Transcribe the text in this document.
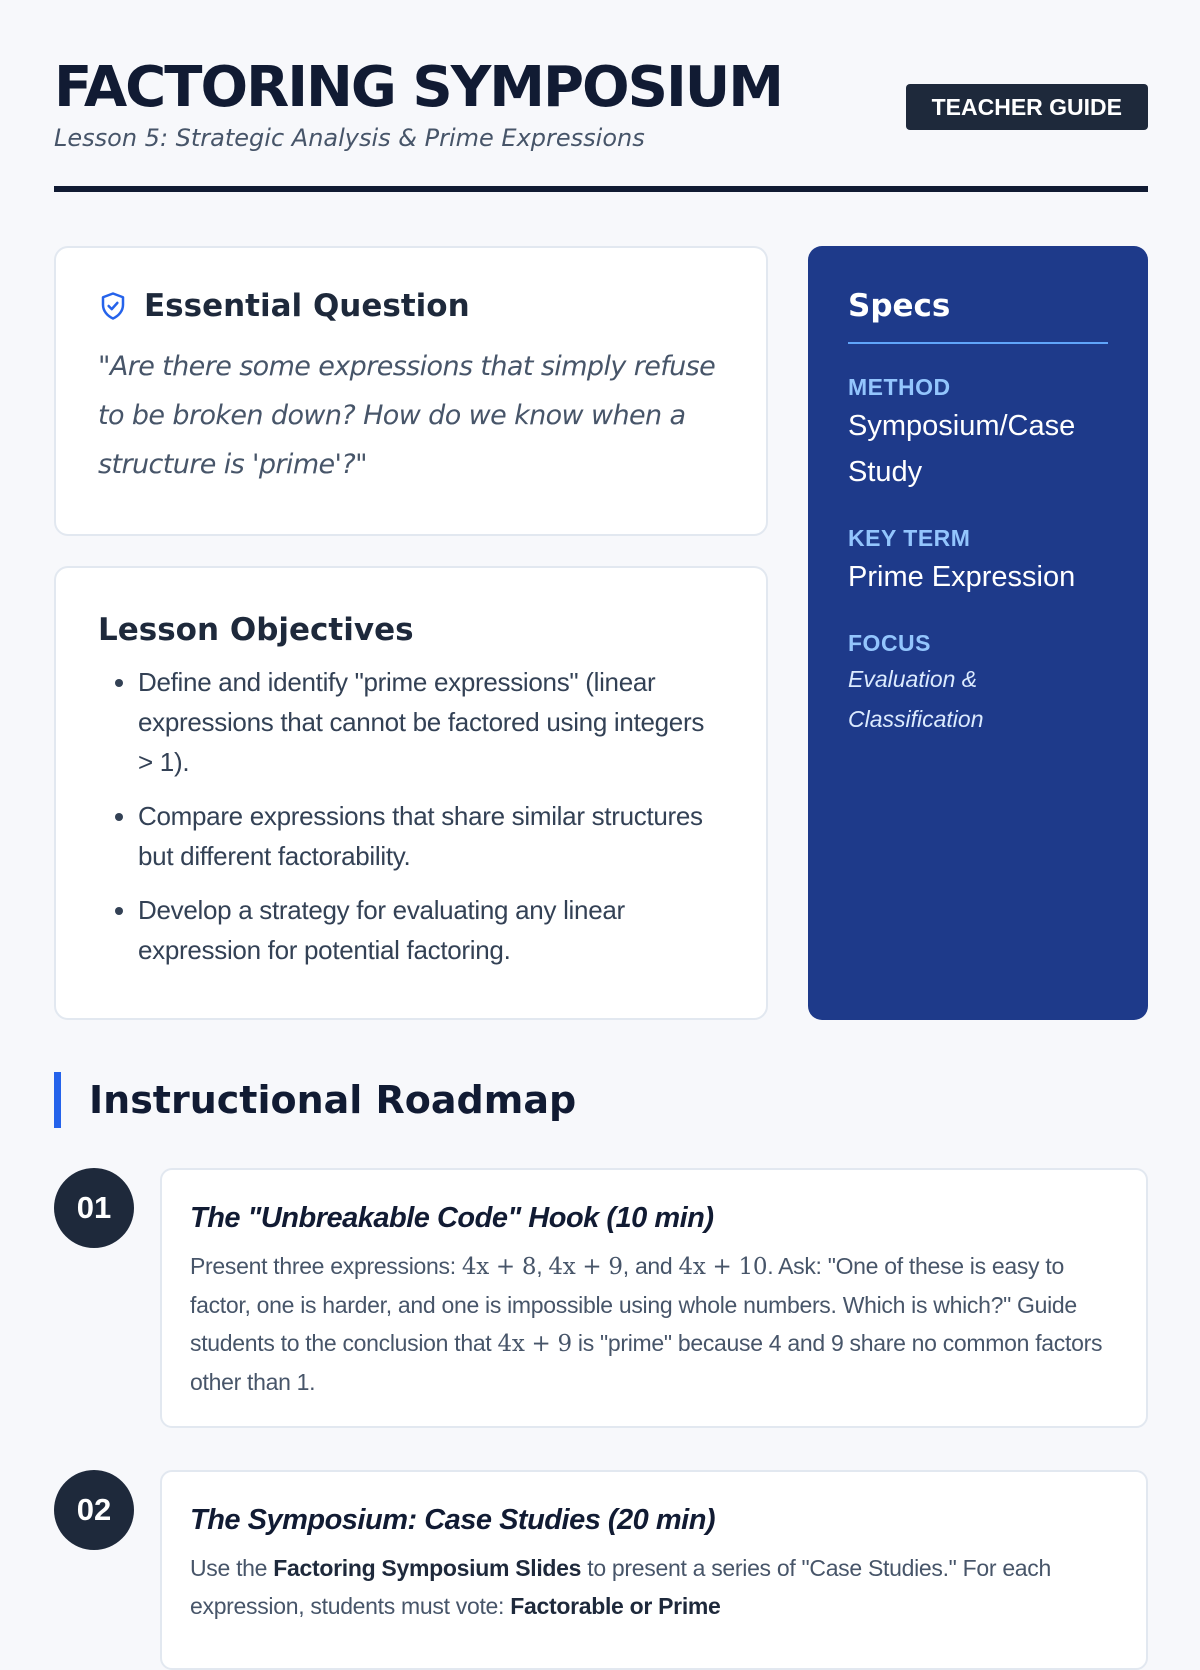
FACTORING SYMPOSIUM
Lesson 5: Strategic Analysis & Prime Expressions
TEACHER GUIDE
Essential Question

"Are there some expressions that simply refuse to be broken down? How do we know when a structure is 'prime'?"

Lesson Objectives
• Define and identify "prime expressions" (linear expressions that cannot be factored using integers > 1).
• Compare expressions that share similar structures but different factorability.
• Develop a strategy for evaluating any linear expression for potential factoring.
Specs
METHOD
Symposium/Case Study
KEY TERM
Prime Expression
FOCUS
Evaluation & Classification
Instructional Roadmap
01	The "Unbreakable Code" Hook (10 min)

Present three expressions: 4x + 8, 4x + 9, and 4x + 10. Ask: "One of these is easy to factor, one is harder, and one is impossible using whole numbers. Which is which?" Guide students to the conclusion that 4x + 9 is "prime" because 4 and 9 share no common factors other than 1.

02	The Symposium: Case Studies (20 min)

Use the Factoring Symposium Slides to present a series of "Case Studies." For each expression, students must vote: Factorable or Prime
